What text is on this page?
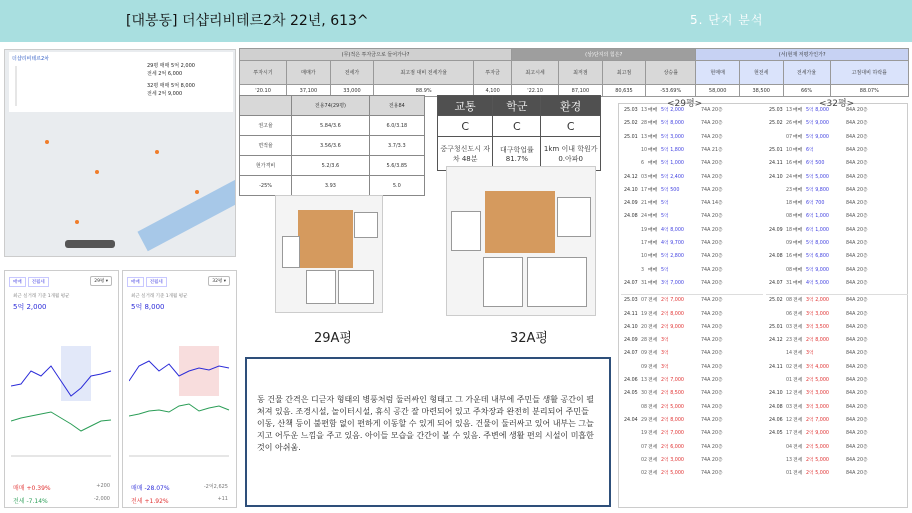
[대봉동] 더샵리비테르2차 22년, 613^	5. 단지 분석
더샵리비테르2차
29평 매매 5억 2,000
전세 2억 6,000
32평 매매 5억 8,000
전세 2억 9,000
매매 전월세	29평 ▾
최근 실거래 기준 1개월 평균
5억 2,000
매매 +0.39%	+200
전세 -7.14%	-2,000
매매 전월세	32평 ▾
최근 실거래 기준 1개월 평균
5억 8,000
매매 -28.07%	-2억2,625
전세 +1.92%	+11
(무)적은 투자금으로 들어가나?					(상)단지의 힘은?				(서)현재 저평가인가?			
투자시기	매매가	전세가	최고점 대비 전세가율	투자금	최고시세	최저점	최고점	상승률	현매매	현전세	전세가율	고점대비 하락률
'20.10	37,100	33,000	88.9%	4,100	'22.10	87,100	80,635	-53.69%	58,000	38,500	66%	88.07%
	전용74(29평)	전용84
권고율	5.84/3.6	6.0/3.18
면적율	3.56/3.6	3.7/3.3
현가격비	5.2/3.6	5.6/3.85
-25%	3.93	5.0
교통	학군	환경
C	C	C
중구청신도시 자차 48분	대구학업률 81.7%	1km 이내 학원가0.아파0
29A평	32A평
동 건물 간격은 디귿자 형태의 병풍처럼 둘러싸인 형태고 그 가운데 내부에 주민들 생활 공간이 펼쳐져 있음. 조경시설, 놀이터시설, 휴식 공간 잘 마련되어 있고 주차장과 완전히 분리되어 주민들 이동, 산책 등이 불편함 없이 편하게 이동할 수 있게 되어 있음. 건물이 둘러싸고 있어 내부는 그늘 지고 어두운 느낌을 주고 있음. 아이들 모습을 간간이 볼 수 있음. 주변에 생활 편의 시설이 미흡한 것이 아쉬움.
<29평>	<32평>
25.03 13 매매 5억 2,000	74A 20층
25.02 28 매매 5억 8,000	74A 20층
25.01 13 매매 5억 3,000	74A 20층
10 매매 5억 1,800	74A 21층
6 매매 5억 1,000	74A 20층
24.12 03 매매 5억 2,400	74A 20층
24.10 17 매매 5억 500	74A 20층
24.09 21 매매 5억	74A 14층
24.08 24 매매 5억	74A 20층
19 매매 4억 8,000	74A 20층
17 매매 4억 9,700	74A 20층
10 매매 5억 2,800	74A 20층
3 매매 5억	74A 20층
24.07 31 매매 3억 7,000	74A 20층
25.03 07 전세 2억 7,000	74A 20층
24.11 19 전세 2억 8,000	74A 20층
24.10 20 전세 2억 9,000	74A 20층
24.09 28 전세 3억	74A 20층
24.07 09 전세 3억	74A 20층
09 전세 3억	74A 20층
24.06 13 전세 2억 7,000	74A 20층
24.05 30 전세 2억 8,500	74A 20층
08 전세 2억 5,000	74A 20층
24.04 29 전세 2억 8,000	74A 20층
19 전세 2억 7,000	74A 20층
07 전세 2억 6,000	74A 20층
02 전세 2억 3,000	74A 20층
02 전세 2억 5,000	74A 20층
25.03 13 매매 5억 8,000	84A 20층
25.02 26 매매 5억 9,000	84A 20층
07 매매 5억 9,000	84A 20층
25.01 10 매매 6억	84A 20층
24.11 16 매매 6억 500	84A 20층
24.10 24 매매 5억 5,000	84A 20층
23 매매 5억 9,800	84A 20층
18 매매 6억 700	84A 20층
08 매매 6억 1,000	84A 20층
24.09 18 매매 6억 1,000	84A 20층
09 매매 5억 8,000	84A 20층
24.08 16 매매 5억 6,800	84A 20층
08 매매 5억 9,000	84A 20층
24.07 31 매매 4억 5,000	84A 20층
25.02 08 전세 3억 2,000	84A 20층
06 전세 3억 3,000	84A 20층
25.01 03 전세 3억 3,500	84A 20층
24.12 23 전세 2억 8,000	84A 20층
14 전세 3억	84A 20층
24.11 02 전세 3억 4,000	84A 20층
01 전세 2억 5,000	84A 20층
24.10 12 전세 3억 3,000	84A 20층
24.08 03 전세 3억 3,000	84A 20층
24.06 12 전세 2억 7,000	84A 20층
24.05 17 전세 2억 9,000	84A 20층
04 전세 2억 5,000	84A 20층
13 전세 2억 5,000	84A 20층
01 전세 2억 5,000	84A 20층
